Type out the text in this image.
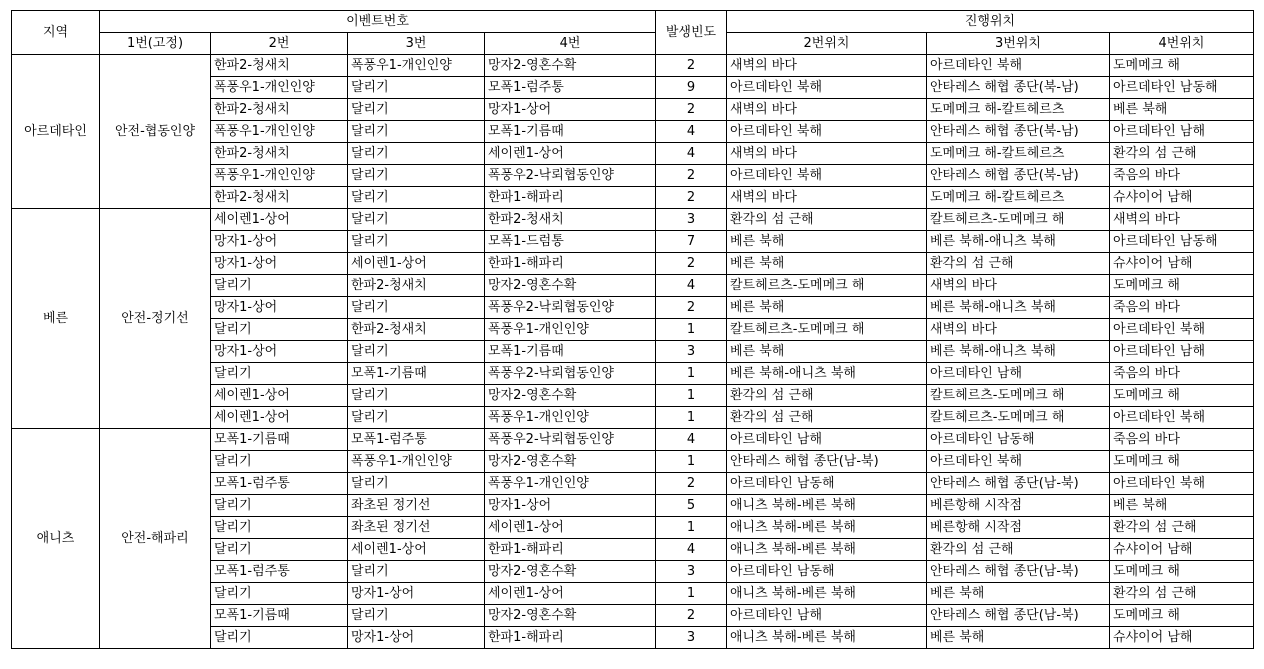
지역	이벤트번호				발생빈도	진행위치		
	1번(고정)	2번	3번	4번		2번위치	3번위치	4번위치
아르데타인	안전-협동인양	한파2-청새치	폭풍우1-개인인양	망자2-영혼수확	2	새벽의 바다	아르데타인 북해	도메메크 해
		폭풍우1-개인인양	달리기	모폭1-럼주통	9	아르데타인 북해	안타레스 해협 종단(북-남)	아르데타인 남동해
		한파2-청새치	달리기	망자1-상어	2	새벽의 바다	도메메크 해-칼트헤르츠	베른 북해
		폭풍우1-개인인양	달리기	모폭1-기름때	4	아르데타인 북해	안타레스 해협 종단(북-남)	아르데타인 남해
		한파2-청새치	달리기	세이렌1-상어	4	새벽의 바다	도메메크 해-칼트헤르츠	환각의 섬 근해
		폭풍우1-개인인양	달리기	폭풍우2-낙뢰협동인양	2	아르데타인 북해	안타레스 해협 종단(북-남)	죽음의 바다
		한파2-청새치	달리기	한파1-해파리	2	새벽의 바다	도메메크 해-칼트헤르츠	슈샤이어 남해
베른	안전-정기선	세이렌1-상어	달리기	한파2-청새치	3	환각의 섬 근해	칼트헤르츠-도메메크 해	새벽의 바다
		망자1-상어	달리기	모폭1-드럼통	7	베른 북해	베른 북해-애니츠 북해	아르데타인 남동해
		망자1-상어	세이렌1-상어	한파1-해파리	2	베른 북해	환각의 섬 근해	슈샤이어 남해
		달리기	한파2-청새치	망자2-영혼수확	4	칼트헤르츠-도메메크 해	새벽의 바다	도메메크 해
		망자1-상어	달리기	폭풍우2-낙뢰협동인양	2	베른 북해	베른 북해-애니츠 북해	죽음의 바다
		달리기	한파2-청새치	폭풍우1-개인인양	1	칼트헤르츠-도메메크 해	새벽의 바다	아르데타인 북해
		망자1-상어	달리기	모폭1-기름때	3	베른 북해	베른 북해-애니츠 북해	아르데타인 남해
		달리기	모폭1-기름때	폭풍우2-낙뢰협동인양	1	베른 북해-애니츠 북해	아르데타인 남해	죽음의 바다
		세이렌1-상어	달리기	망자2-영혼수확	1	환각의 섬 근해	칼트헤르츠-도메메크 해	도메메크 해
		세이렌1-상어	달리기	폭풍우1-개인인양	1	환각의 섬 근해	칼트헤르츠-도메메크 해	아르데타인 북해
애니츠	안전-해파리	모폭1-기름때	모폭1-럼주통	폭풍우2-낙뢰협동인양	4	아르데타인 남해	아르데타인 남동해	죽음의 바다
		달리기	폭풍우1-개인인양	망자2-영혼수확	1	안타레스 해협 종단(남-북)	아르데타인 북해	도메메크 해
		모폭1-럼주통	달리기	폭풍우1-개인인양	2	아르데타인 남동해	안타레스 해협 종단(남-북)	아르데타인 북해
		달리기	좌초된 정기선	망자1-상어	5	애니츠 북해-베른 북해	베른항해 시작점	베른 북해
		달리기	좌초된 정기선	세이렌1-상어	1	애니츠 북해-베른 북해	베른항해 시작점	환각의 섬 근해
		달리기	세이렌1-상어	한파1-해파리	4	애니츠 북해-베른 북해	환각의 섬 근해	슈샤이어 남해
		모폭1-럼주통	달리기	망자2-영혼수확	3	아르데타인 남동해	안타레스 해협 종단(남-북)	도메메크 해
		달리기	망자1-상어	세이렌1-상어	1	애니츠 북해-베른 북해	베른 북해	환각의 섬 근해
		모폭1-기름때	달리기	망자2-영혼수확	2	아르데타인 남해	안타레스 해협 종단(남-북)	도메메크 해
		달리기	망자1-상어	한파1-해파리	3	애니츠 북해-베른 북해	베른 북해	슈샤이어 남해
